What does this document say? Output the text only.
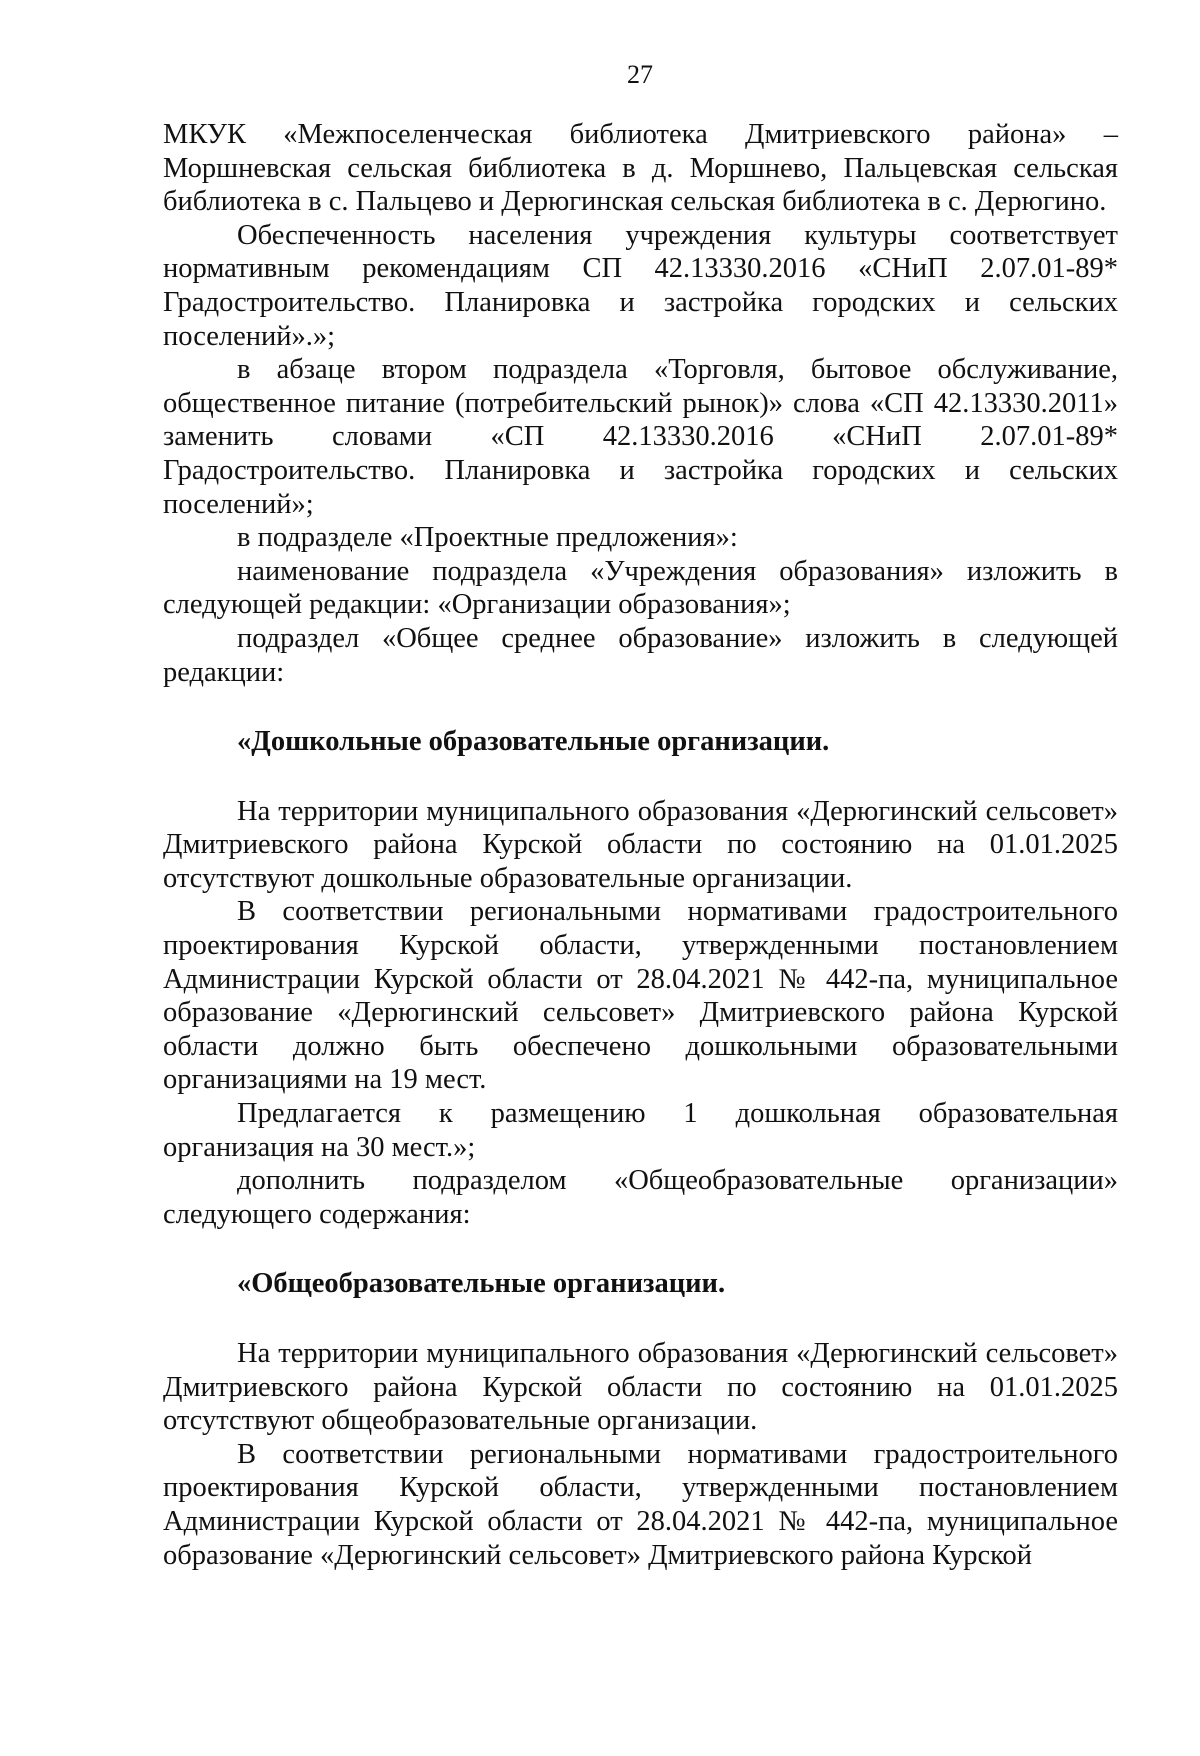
27

МКУК «Межпоселенческая библиотека Дмитриевского района» – Моршневская сельская библиотека в д. Моршнево, Пальцевская сельская библиотека в с. Пальцево и Дерюгинская сельская библиотека в с. Дерюгино.

Обеспеченность населения учреждения культуры соответствует нормативным рекомендациям СП 42.13330.2016 «СНиП 2.07.01-89* Градостроительство. Планировка и застройка городских и сельских поселений».»;

в абзаце втором подраздела «Торговля, бытовое обслуживание, общественное питание (потребительский рынок)» слова «СП 42.13330.2011» заменить словами «СП 42.13330.2016 «СНиП 2.07.01-89* Градостроительство. Планировка и застройка городских и сельских поселений»;

в подразделе «Проектные предложения»:

наименование подраздела «Учреждения образования» изложить в следующей редакции: «Организации образования»;

подраздел «Общее среднее образование» изложить в следующей редакции:

«Дошкольные образовательные организации.

На территории муниципального образования «Дерюгинский сельсовет» Дмитриевского района Курской области по состоянию на 01.01.2025 отсутствуют дошкольные образовательные организации.

В соответствии региональными нормативами градостроительного проектирования Курской области, утвержденными постановлением Администрации Курской области от 28.04.2021 № 442-па, муниципальное образование «Дерюгинский сельсовет» Дмитриевского района Курской области должно быть обеспечено дошкольными образовательными организациями на 19 мест.

Предлагается к размещению 1 дошкольная образовательная организация на 30 мест.»;

дополнить подразделом «Общеобразовательные организации» следующего содержания:

«Общеобразовательные организации.

На территории муниципального образования «Дерюгинский сельсовет» Дмитриевского района Курской области по состоянию на 01.01.2025 отсутствуют общеобразовательные организации.

В соответствии региональными нормативами градостроительного проектирования Курской области, утвержденными постановлением Администрации Курской области от 28.04.2021 № 442-па, муниципальное образование «Дерюгинский сельсовет» Дмитриевского района Курской
